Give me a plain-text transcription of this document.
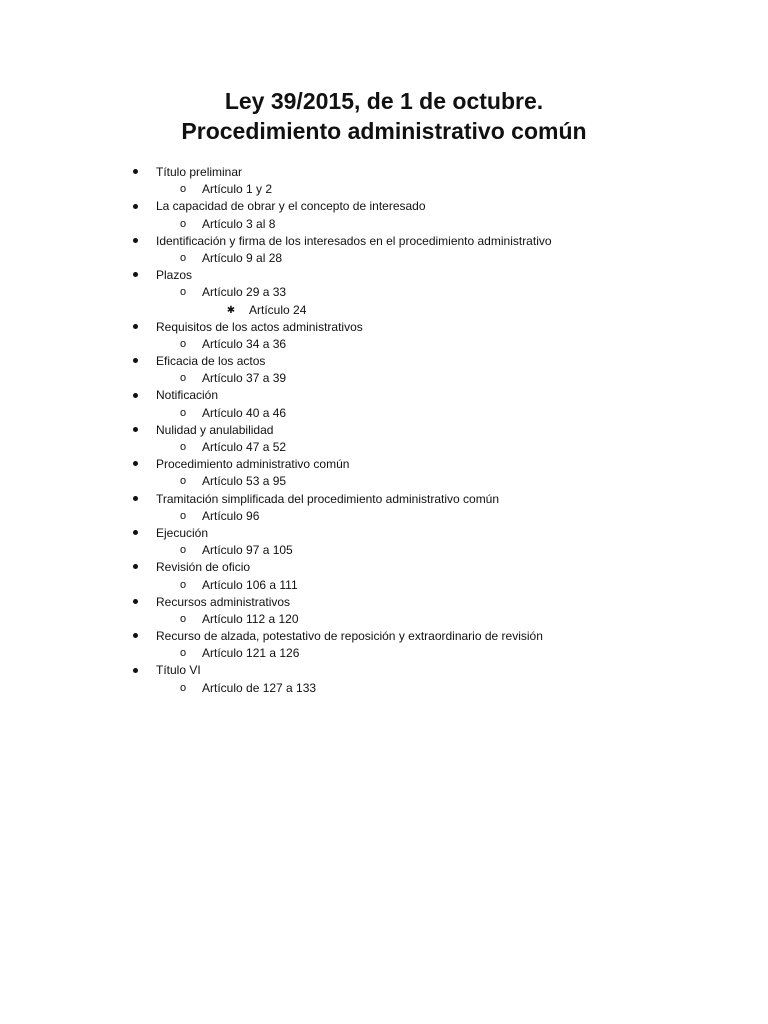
Ley 39/2015, de 1 de octubre.
Procedimiento administrativo común
Título preliminar
o	Artículo 1 y 2
La capacidad de obrar y el concepto de interesado
o	Artículo 3 al 8
Identificación y firma de los interesados en el procedimiento administrativo
o	Artículo 9 al 28
Plazos
o	Artículo 29 a 33
✱ Artículo 24
Requisitos de los actos administrativos
o	Artículo 34 a 36
Eficacia de los actos
o	Artículo 37 a 39
Notificación
o	Artículo 40 a 46
Nulidad y anulabilidad
o	Artículo 47 a 52
Procedimiento administrativo común
o	Artículo 53 a 95
Tramitación simplificada del procedimiento administrativo común
o	Artículo 96
Ejecución
o	Artículo 97 a 105
Revisión de oficio
o	Artículo 106 a 111
Recursos administrativos
o	Artículo 112 a 120
Recurso de alzada, potestativo de reposición y extraordinario de revisión
o	Artículo 121 a 126
Título VI
o	Artículo de 127 a 133
